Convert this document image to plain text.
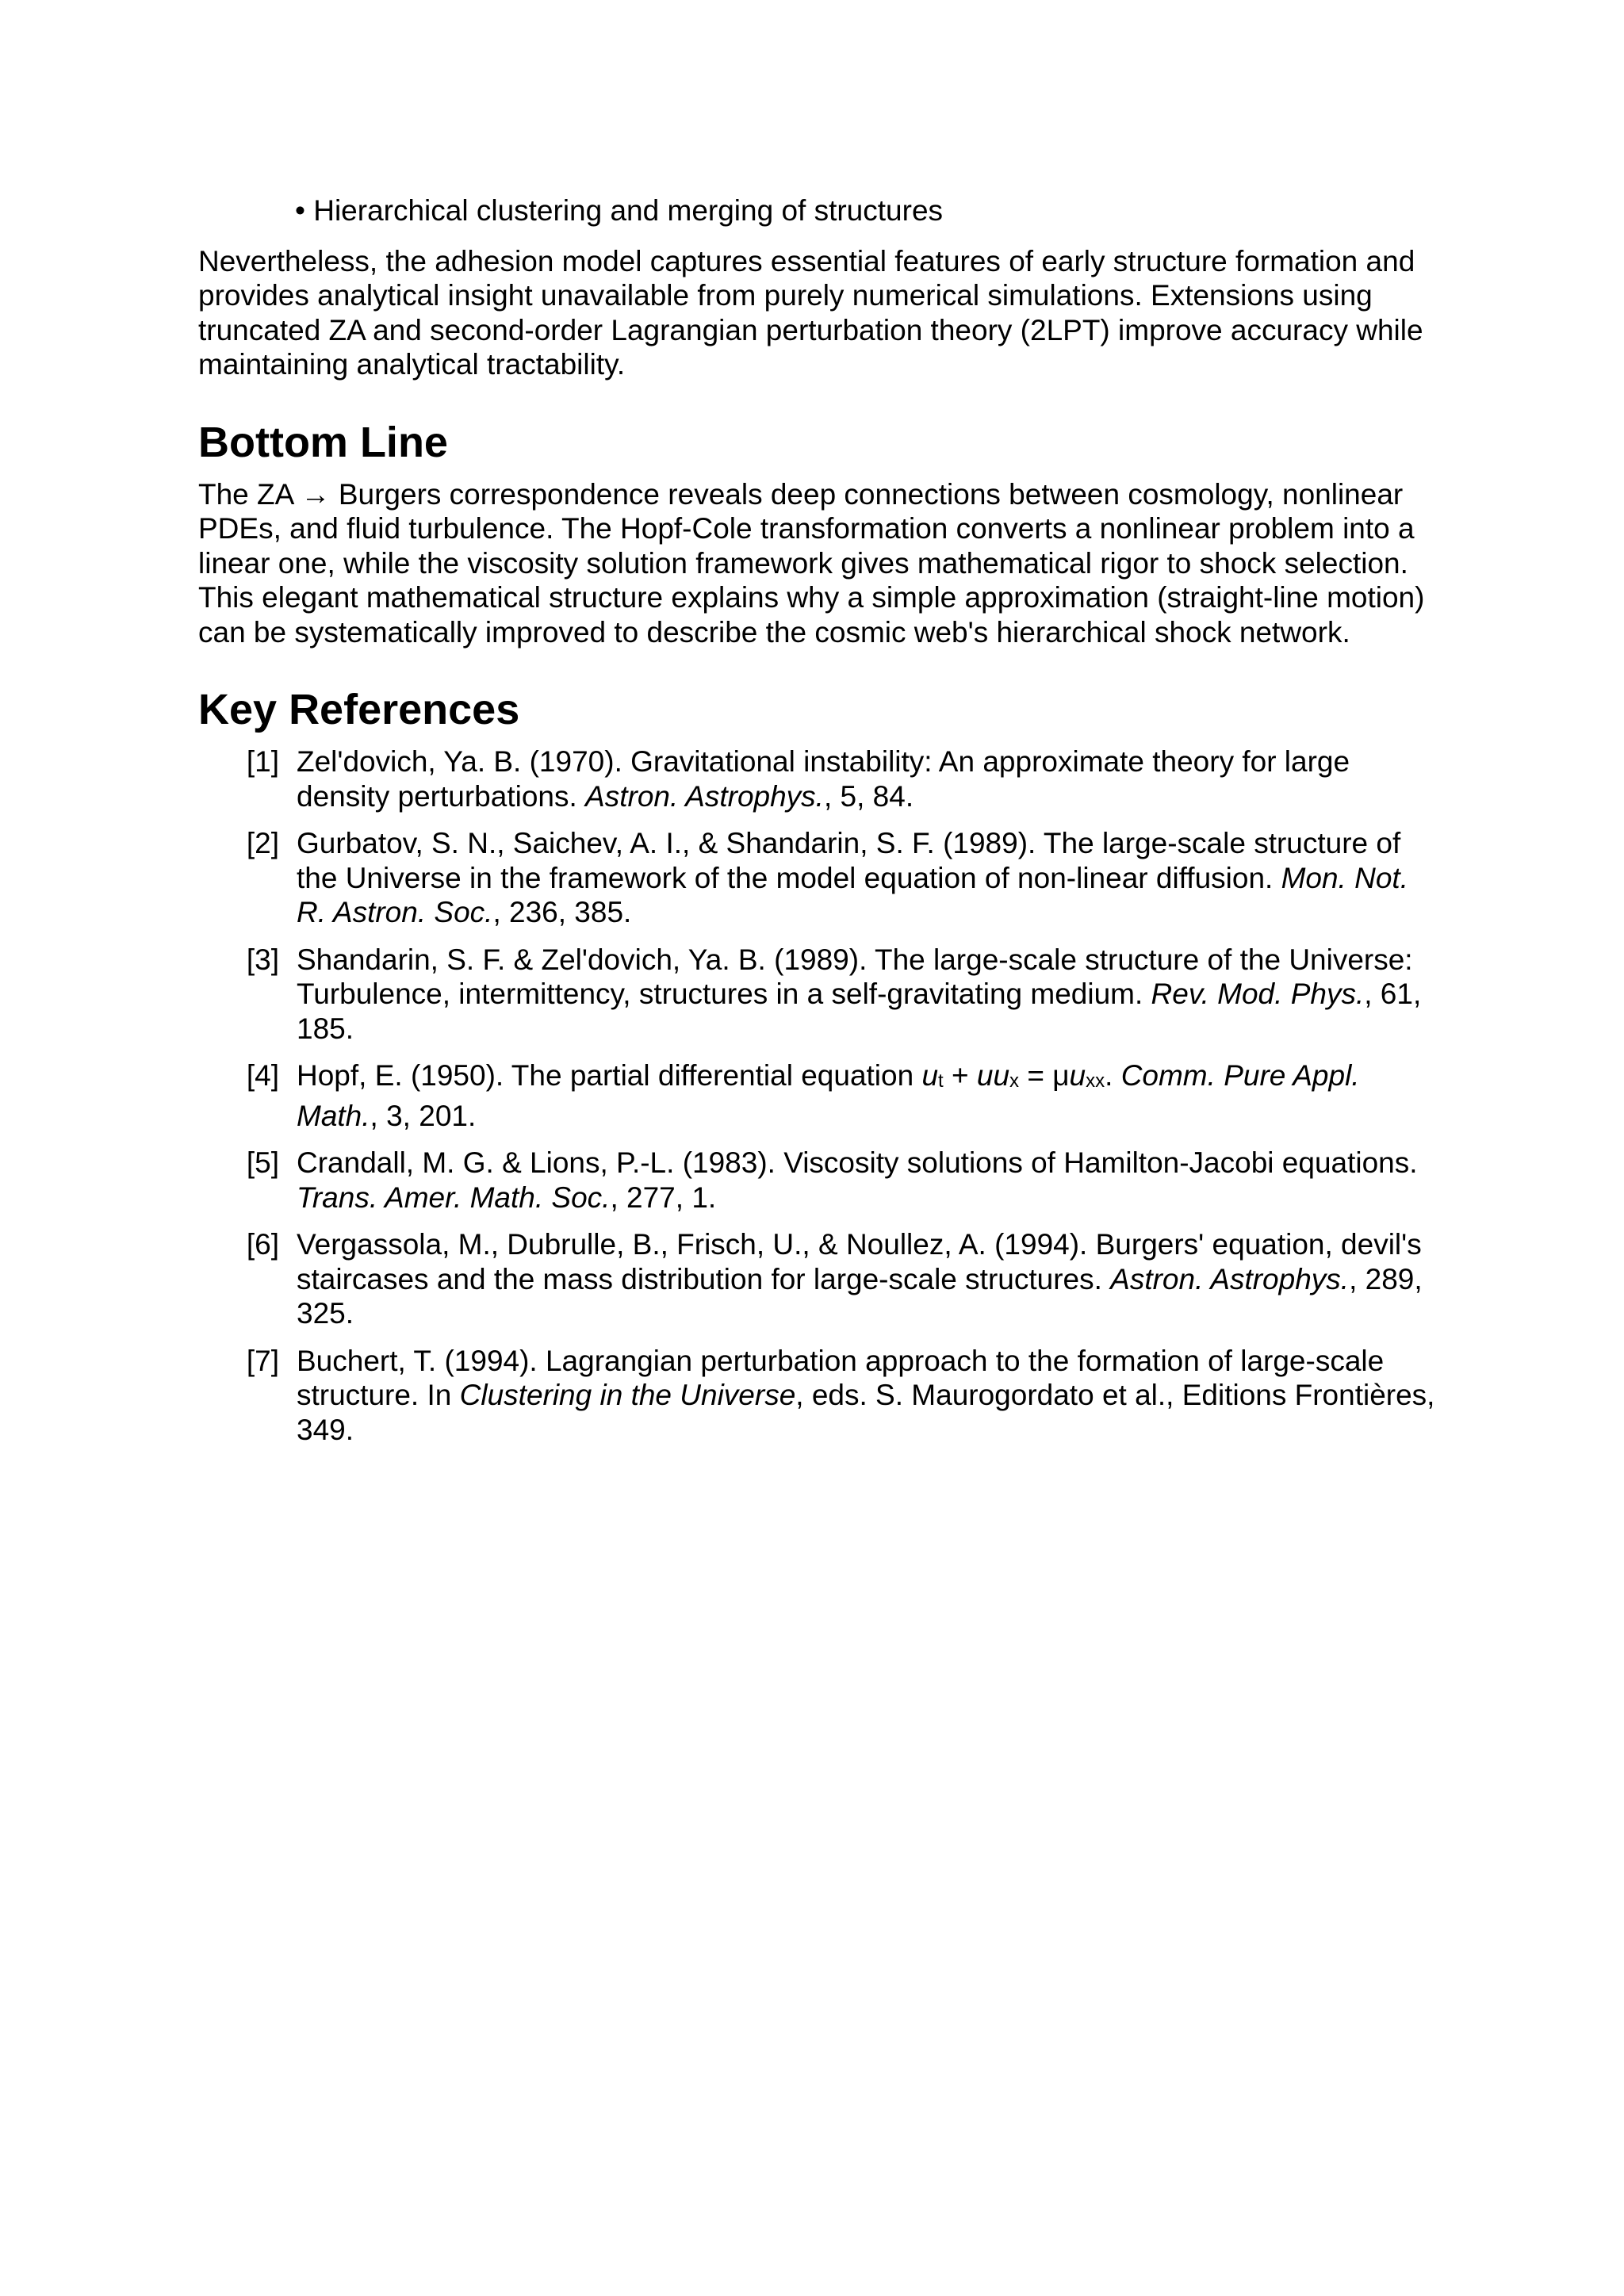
• Hierarchical clustering and merging of structures

Nevertheless, the adhesion model captures essential features of early structure formation and provides analytical insight unavailable from purely numerical simulations. Extensions using truncated ZA and second-order Lagrangian perturbation theory (2LPT) improve accuracy while maintaining analytical tractability.

Bottom Line

The ZA → Burgers correspondence reveals deep connections between cosmology, nonlinear PDEs, and fluid turbulence. The Hopf-Cole transformation converts a nonlinear problem into a linear one, while the viscosity solution framework gives mathematical rigor to shock selection. This elegant mathematical structure explains why a simple approximation (straight-line motion) can be systematically improved to describe the cosmic web's hierarchical shock network.

Key References
[1] Zel'dovich, Ya. B. (1970). Gravitational instability: An approximate theory for large density perturbations. Astron. Astrophys., 5, 84.
[2] Gurbatov, S. N., Saichev, A. I., & Shandarin, S. F. (1989). The large-scale structure of the Universe in the framework of the model equation of non-linear diffusion. Mon. Not. R. Astron. Soc., 236, 385.
[3] Shandarin, S. F. & Zel'dovich, Ya. B. (1989). The large-scale structure of the Universe: Turbulence, intermittency, structures in a self-gravitating medium. Rev. Mod. Phys., 61, 185.
[4] Hopf, E. (1950). The partial differential equation ut + uux = μuxx. Comm. Pure Appl. Math., 3, 201.
[5] Crandall, M. G. & Lions, P.-L. (1983). Viscosity solutions of Hamilton-Jacobi equations. Trans. Amer. Math. Soc., 277, 1.
[6] Vergassola, M., Dubrulle, B., Frisch, U., & Noullez, A. (1994). Burgers' equation, devil's staircases and the mass distribution for large-scale structures. Astron. Astrophys., 289, 325.
[7] Buchert, T. (1994). Lagrangian perturbation approach to the formation of large-scale structure. In Clustering in the Universe, eds. S. Maurogordato et al., Editions Frontières, 349.
